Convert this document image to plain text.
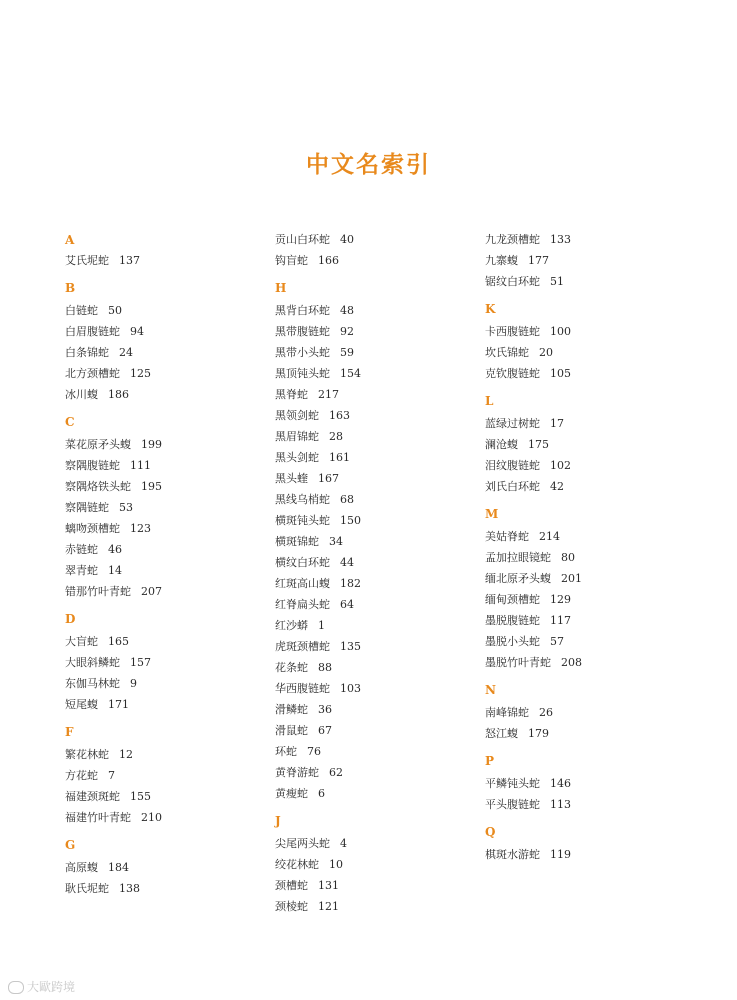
中文名索引
A
艾氏坭蛇 137
B
白链蛇 50
白眉腹链蛇 94
白条锦蛇 24
北方颈槽蛇 125
冰川蝮 186
C
菜花原矛头蝮 199
察隅腹链蛇 111
察隅烙铁头蛇 195
察隅链蛇 53
螭吻颈槽蛇 123
赤链蛇 46
翠青蛇 14
错那竹叶青蛇 207
D
大盲蛇 165
大眼斜鳞蛇 157
东伽马林蛇 9
短尾蝮 171
F
繁花林蛇 12
方花蛇 7
福建颈斑蛇 155
福建竹叶青蛇 210
G
高原蝮 184
耿氏坭蛇 138
贡山白环蛇 40
钩盲蛇 166
H
黑背白环蛇 48
黑带腹链蛇 92
黑带小头蛇 59
黑顶钝头蛇 154
黑脊蛇 217
黑领剑蛇 163
黑眉锦蛇 28
黑头剑蛇 161
黑头蝰 167
黑线乌梢蛇 68
横斑钝头蛇 150
横斑锦蛇 34
横纹白环蛇 44
红斑高山蝮 182
红脊扁头蛇 64
红沙蟒 1
虎斑颈槽蛇 135
花条蛇 88
华西腹链蛇 103
滑鳞蛇 36
滑鼠蛇 67
环蛇 76
黄脊游蛇 62
黄瘦蛇 6
J
尖尾两头蛇 4
绞花林蛇 10
颈槽蛇 131
颈棱蛇 121
九龙颈槽蛇 133
九寨蝮 177
锯纹白环蛇 51
K
卡西腹链蛇 100
坎氏锦蛇 20
克钦腹链蛇 105
L
蓝绿过树蛇 17
澜沧蝮 175
泪纹腹链蛇 102
刘氏白环蛇 42
M
美姑脊蛇 214
孟加拉眼镜蛇 80
缅北原矛头蝮 201
缅甸颈槽蛇 129
墨脱腹链蛇 117
墨脱小头蛇 57
墨脱竹叶青蛇 208
N
南峰锦蛇 26
怒江蝮 179
P
平鳞钝头蛇 146
平头腹链蛇 113
Q
棋斑水游蛇 119
大歐跨境
